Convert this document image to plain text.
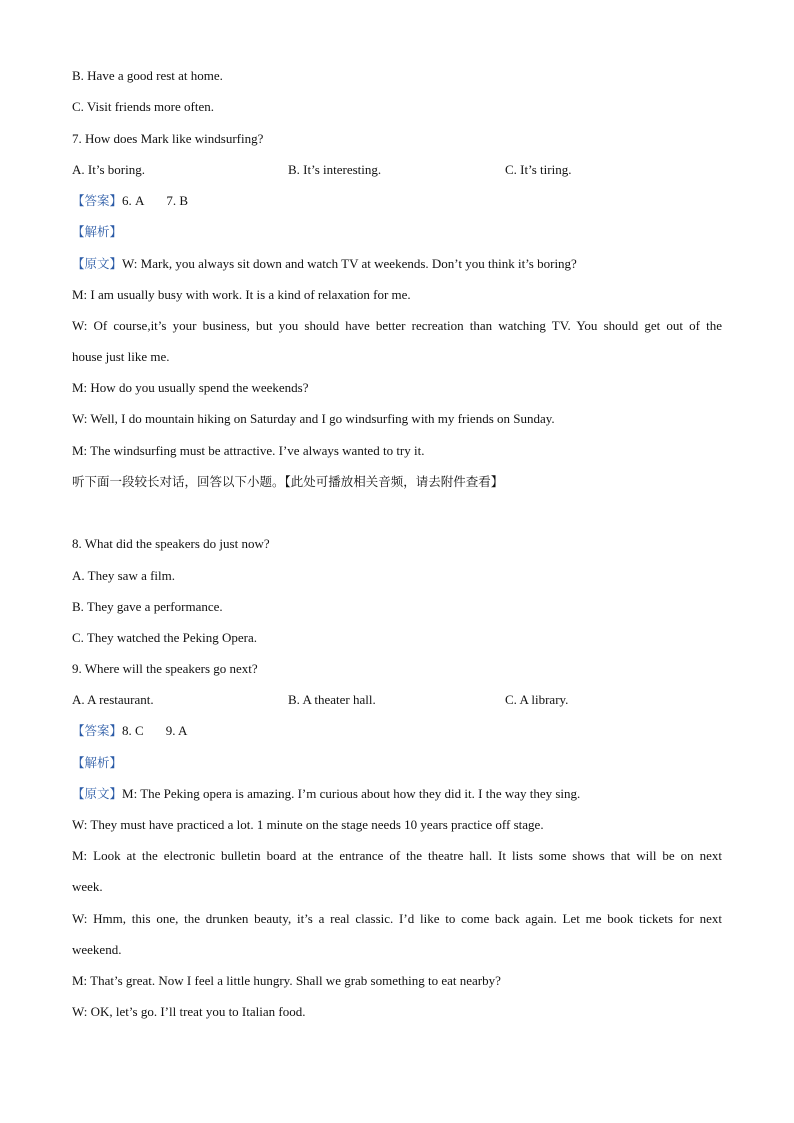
B. Have a good rest at home.
C. Visit friends more often.
7. How does Mark like windsurfing?
A. It’s boring.	B. It’s interesting.	C. It’s tiring.
【答案】6. A 7. B
【解析】
【原文】W: Mark, you always sit down and watch TV at weekends. Don’t you think it’s boring?
M: I am usually busy with work. It is a kind of relaxation for me.
W: Of course,it’s your business, but you should have better recreation than watching TV. You should get out of the
house just like me.
M: How do you usually spend the weekends?
W: Well, I do mountain hiking on Saturday and I go windsurfing with my friends on Sunday.
M: The windsurfing must be attractive. I’ve always wanted to try it.
听下面一段较长对话，回答以下小题。【此处可播放相关音频，请去附件查看】
8. What did the speakers do just now?
A. They saw a film.
B. They gave a performance.
C. They watched the Peking Opera.
9. Where will the speakers go next?
A. A restaurant.	B. A theater hall.	C. A library.
【答案】8. C 9. A
【解析】
【原文】M: The Peking opera is amazing. I’m curious about how they did it. I the way they sing.
W: They must have practiced a lot. 1 minute on the stage needs 10 years practice off stage.
M: Look at the electronic bulletin board at the entrance of the theatre hall. It lists some shows that will be on next
week.
W: Hmm, this one, the drunken beauty, it’s a real classic. I’d like to come back again. Let me book tickets for next
weekend.
M: That’s great. Now I feel a little hungry. Shall we grab something to eat nearby?
W: OK, let’s go. I’ll treat you to Italian food.
